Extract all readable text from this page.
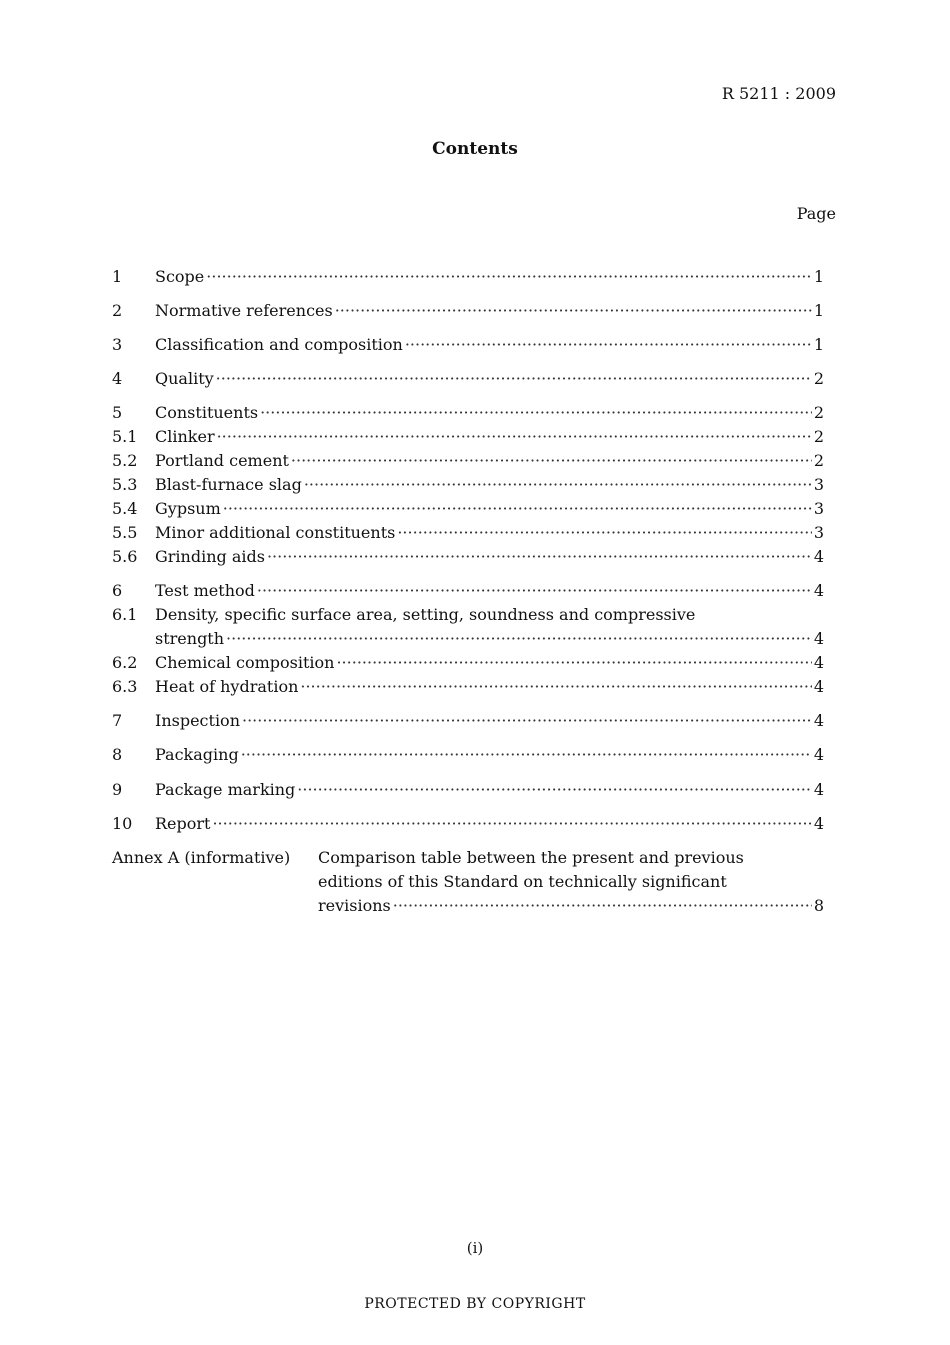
R 5211 : 2009
Contents
Page
1 Scope ·····	1
2 Normative references ·····	1
3 Classification and composition ·····	1
4 Quality ·····	2
5 Constituents ·····	2
5.1 Clinker ·····	2
5.2 Portland cement ·····	2
5.3 Blast-furnace slag ·····	3
5.4 Gypsum ·····	3
5.5 Minor additional constituents ·····	3
5.6 Grinding aids ·····	4
6 Test method ·····	4
6.1 Density, specific surface area, setting, soundness and compressive
strength ·····	4
6.2 Chemical composition ·····	4
6.3 Heat of hydration ·····	4
7 Inspection ·····	4
8 Packaging ·····	4
9 Package marking ·····	4
10 Report ·····	4
Annex A (informative) Comparison table between the present and previous
editions of this Standard on technically significant
revisions ·····	8
(i)
PROTECTED BY COPYRIGHT
